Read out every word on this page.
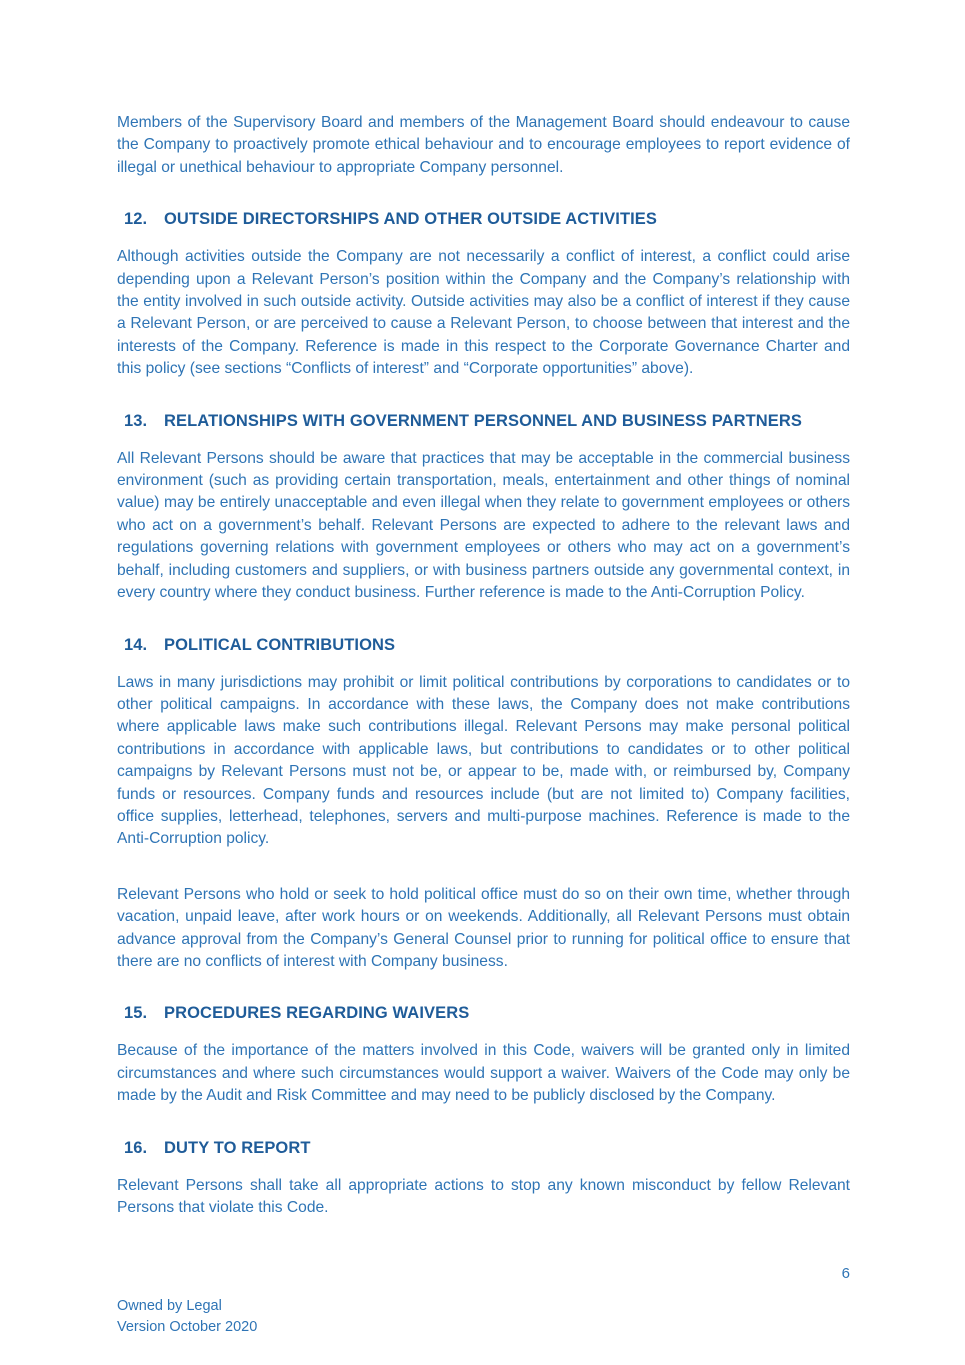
Members of the Supervisory Board and members of the Management Board should endeavour to cause the Company to proactively promote ethical behaviour and to encourage employees to report evidence of illegal or unethical behaviour to appropriate Company personnel.

12.	OUTSIDE DIRECTORSHIPS AND OTHER OUTSIDE ACTIVITIES

Although activities outside the Company are not necessarily a conflict of interest, a conflict could arise depending upon a Relevant Person’s position within the Company and the Company’s relationship with the entity involved in such outside activity. Outside activities may also be a conflict of interest if they cause a Relevant Person, or are perceived to cause a Relevant Person, to choose between that interest and the interests of the Company. Reference is made in this respect to the Corporate Governance Charter and this policy (see sections “Conflicts of interest” and “Corporate opportunities” above).

13.	RELATIONSHIPS WITH GOVERNMENT PERSONNEL AND BUSINESS PARTNERS

All Relevant Persons should be aware that practices that may be acceptable in the commercial business environment (such as providing certain transportation, meals, entertainment and other things of nominal value) may be entirely unacceptable and even illegal when they relate to government employees or others who act on a government’s behalf. Relevant Persons are expected to adhere to the relevant laws and regulations governing relations with government employees or others who may act on a government’s behalf, including customers and suppliers, or with business partners outside any governmental context, in every country where they conduct business. Further reference is made to the Anti-Corruption Policy.

14.	POLITICAL CONTRIBUTIONS

Laws in many jurisdictions may prohibit or limit political contributions by corporations to candidates or to other political campaigns. In accordance with these laws, the Company does not make contributions where applicable laws make such contributions illegal. Relevant Persons may make personal political contributions in accordance with applicable laws, but contributions to candidates or to other political campaigns by Relevant Persons must not be, or appear to be, made with, or reimbursed by, Company funds or resources. Company funds and resources include (but are not limited to) Company facilities, office supplies, letterhead, telephones, servers and multi-purpose machines. Reference is made to the Anti-Corruption policy.

Relevant Persons who hold or seek to hold political office must do so on their own time, whether through vacation, unpaid leave, after work hours or on weekends. Additionally, all Relevant Persons must obtain advance approval from the Company’s General Counsel prior to running for political office to ensure that there are no conflicts of interest with Company business.

15.	PROCEDURES REGARDING WAIVERS

Because of the importance of the matters involved in this Code, waivers will be granted only in limited circumstances and where such circumstances would support a waiver. Waivers of the Code may only be made by the Audit and Risk Committee and may need to be publicly disclosed by the Company.

16.	DUTY TO REPORT

Relevant Persons shall take all appropriate actions to stop any known misconduct by fellow Relevant Persons that violate this Code.

6
Owned by Legal
Version October 2020
